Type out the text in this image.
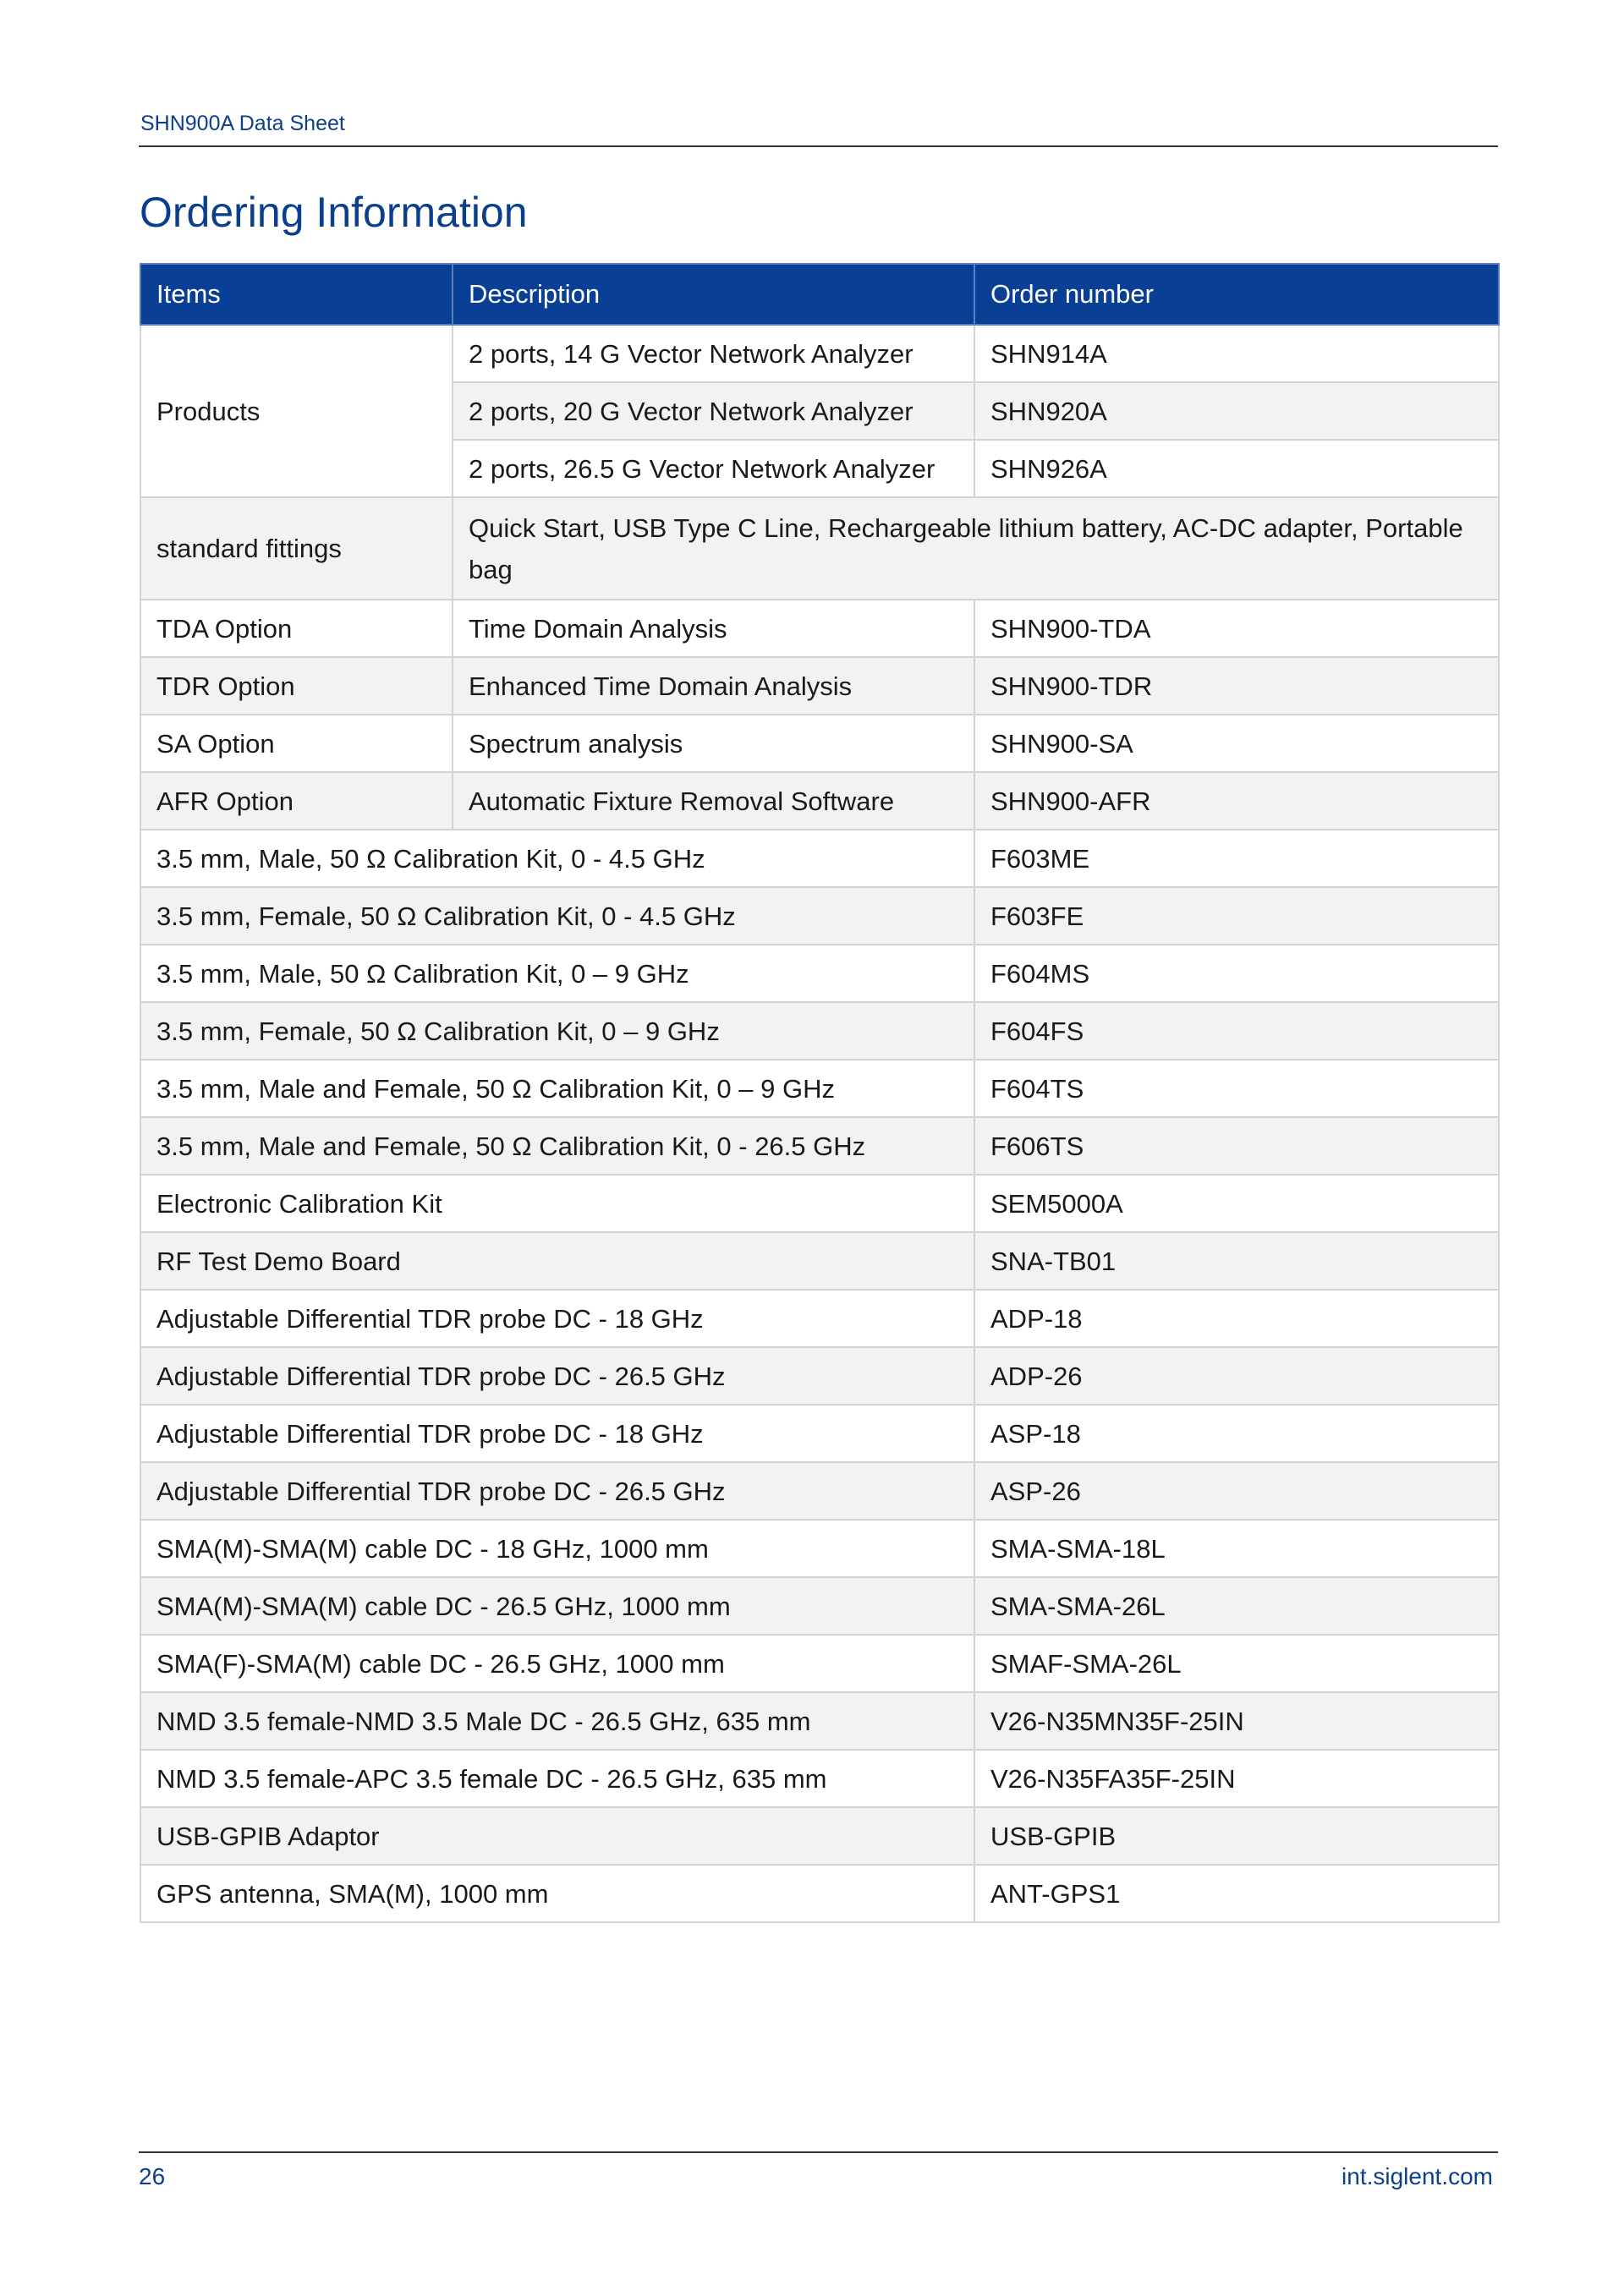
SHN900A Data Sheet
Ordering Information
Items	Description	Order number
Products	2 ports, 14 G Vector Network Analyzer	SHN914A
	2 ports, 20 G Vector Network Analyzer	SHN920A
	2 ports, 26.5 G Vector Network Analyzer	SHN926A
standard fittings	Quick Start, USB Type C Line, Rechargeable lithium battery, AC-DC adapter, Portable bag	
TDA Option	Time Domain Analysis	SHN900-TDA
TDR Option	Enhanced Time Domain Analysis	SHN900-TDR
SA Option	Spectrum analysis	SHN900-SA
AFR Option	Automatic Fixture Removal Software	SHN900-AFR
3.5 mm, Male, 50 Ω Calibration Kit, 0 - 4.5 GHz		F603ME
3.5 mm, Female, 50 Ω Calibration Kit, 0 - 4.5 GHz		F603FE
3.5 mm, Male, 50 Ω Calibration Kit, 0 – 9 GHz		F604MS
3.5 mm, Female, 50 Ω Calibration Kit, 0 – 9 GHz		F604FS
3.5 mm, Male and Female, 50 Ω Calibration Kit, 0 – 9 GHz		F604TS
3.5 mm, Male and Female, 50 Ω Calibration Kit, 0 - 26.5 GHz		F606TS
Electronic Calibration Kit		SEM5000A
RF Test Demo Board		SNA-TB01
Adjustable Differential TDR probe DC - 18 GHz		ADP-18
Adjustable Differential TDR probe DC - 26.5 GHz		ADP-26
Adjustable Differential TDR probe DC - 18 GHz		ASP-18
Adjustable Differential TDR probe DC - 26.5 GHz		ASP-26
SMA(M)-SMA(M) cable DC - 18 GHz, 1000 mm		SMA-SMA-18L
SMA(M)-SMA(M) cable DC - 26.5 GHz, 1000 mm		SMA-SMA-26L
SMA(F)-SMA(M) cable DC - 26.5 GHz, 1000 mm		SMAF-SMA-26L
NMD 3.5 female-NMD 3.5 Male DC - 26.5 GHz, 635 mm		V26-N35MN35F-25IN
NMD 3.5 female-APC 3.5 female DC - 26.5 GHz, 635 mm		V26-N35FA35F-25IN
USB-GPIB Adaptor		USB-GPIB
GPS antenna, SMA(M), 1000 mm		ANT-GPS1
26	int.siglent.com
